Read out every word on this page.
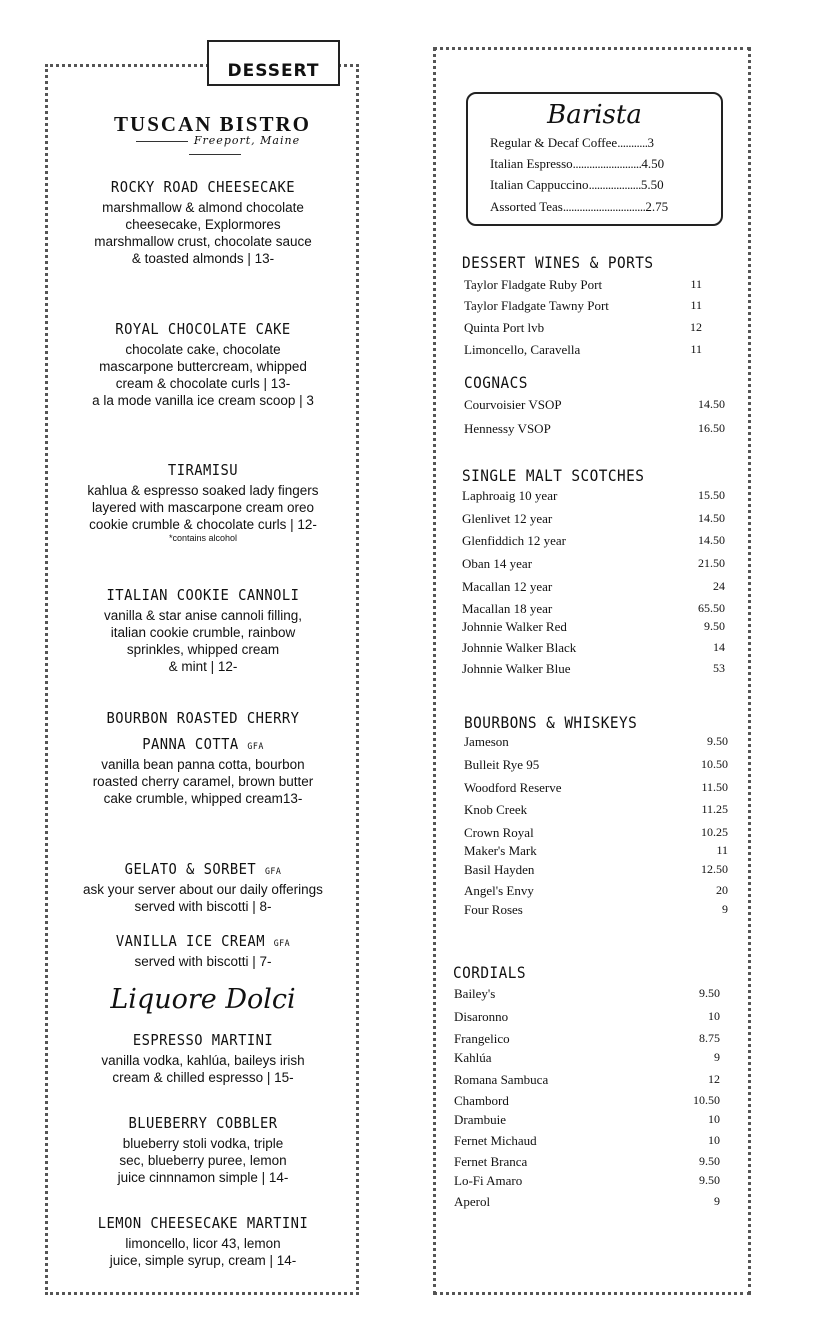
DESSERT
TUSCAN BISTRO
Freeport, Maine
ROCKY ROAD CHEESECAKE
marshmallow & almond chocolate
cheesecake, Explormores
marshmallow crust, chocolate sauce
& toasted almonds | 13-
ROYAL CHOCOLATE CAKE
chocolate cake, chocolate
mascarpone buttercream, whipped
cream & chocolate curls | 13-
a la mode vanilla ice cream scoop | 3
TIRAMISU
kahlua & espresso soaked lady fingers
layered with mascarpone cream oreo
cookie crumble & chocolate curls | 12-
*contains alcohol
ITALIAN COOKIE CANNOLI
vanilla & star anise cannoli filling,
italian cookie crumble, rainbow
sprinkles, whipped cream
& mint | 12-
BOURBON ROASTED CHERRY
PANNA COTTA GFA
vanilla bean panna cotta, bourbon
roasted cherry caramel, brown butter
cake crumble, whipped cream13-
GELATO & SORBET GFA
ask your server about our daily offerings
served with biscotti | 8-
VANILLA ICE CREAM GFA
served with biscotti | 7-
Liquore Dolci
ESPRESSO MARTINI
vanilla vodka, kahlúa, baileys irish
cream & chilled espresso | 15-
BLUEBERRY COBBLER
blueberry stoli vodka, triple
sec, blueberry puree, lemon
juice cinnnamon simple | 14-
LEMON CHEESECAKE MARTINI
limoncello, licor 43, lemon
juice, simple syrup, cream | 14-
Barista
Regular & Decaf Coffee...........3
Italian Espresso.........................4.50
Italian Cappuccino...................5.50
Assorted Teas..............................2.75
DESSERT WINES & PORTS
Taylor Fladgate Ruby Port	11
Taylor Fladgate Tawny Port	11
Quinta Port lvb	12
Limoncello, Caravella	11
COGNACS
Courvoisier VSOP	14.50
Hennessy VSOP	16.50
SINGLE MALT SCOTCHES
Laphroaig 10 year	15.50
Glenlivet 12 year	14.50
Glenfiddich 12 year	14.50
Oban 14 year	21.50
Macallan 12 year	24
Macallan 18 year	65.50
Johnnie Walker Red	9.50
Johnnie Walker Black	14
Johnnie Walker Blue	53
BOURBONS & WHISKEYS
Jameson	9.50
Bulleit Rye 95	10.50
Woodford Reserve	11.50
Knob Creek	11.25
Crown Royal	10.25
Maker's Mark	11
Basil Hayden	12.50
Angel's Envy	20
Four Roses	9
CORDIALS
Bailey's	9.50
Disaronno	10
Frangelico	8.75
Kahlúa	9
Romana Sambuca	12
Chambord	10.50
Drambuie	10
Fernet Michaud	10
Fernet Branca	9.50
Lo-Fi Amaro	9.50
Aperol	9
